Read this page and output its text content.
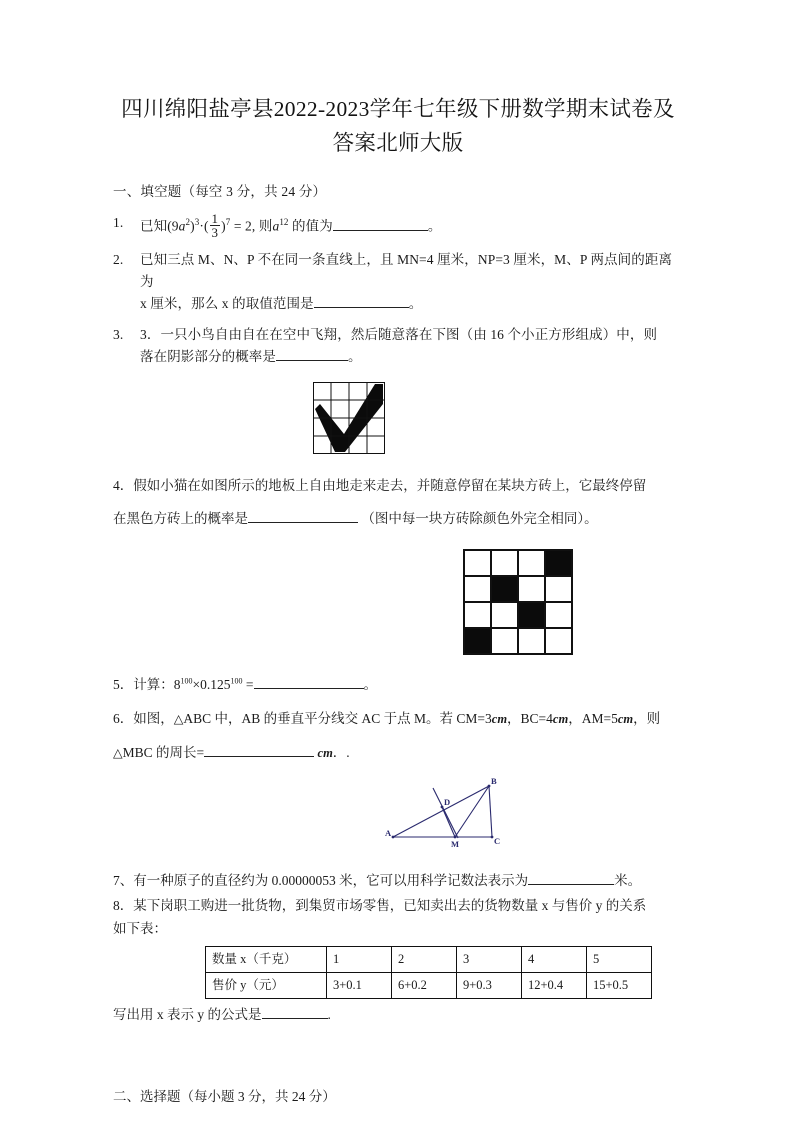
四川绵阳盐亭县2022-2023学年七年级下册数学期末试卷及
答案北师大版
一、填空题（每空 3 分，共 24 分）
1.	已知$(9a^2)^3\cdot( \frac{1}{3} )^7 = 2$, 则$a^{12}$ 的值为	。
2.	已知三点 M、N、P 不在同一条直线上，且 MN=4 厘米，NP=3 厘米，M、P 两点间的距离为
x 厘米，那么 x 的取值范围是	。
3.	3．一只小鸟自由自在在空中飞翔，然后随意落在下图（由 16 个小正方形组成）中，则
落在阴影部分的概率是	。
4．假如小猫在如图所示的地板上自由地走来走去，并随意停留在某块方砖上，它最终停留
在黑色方砖上的概率是	（图中每一块方砖除颜色外完全相同）。
5．计算：$8^{100}\times 0.125^{100}$ =	。
6．如图，△ABC 中，AB 的垂直平分线交 AC 于点 M。若 CM=3cm，BC=4cm，AM=5cm，则
△MBC 的周长=	cm．.
A
B
C
M
D
7、有一种原子的直径约为 0.00000053 米，它可以用科学记数法表示为	米。
8．某下岗职工购进一批货物，到集贸市场零售，已知卖出去的货物数量 x 与售价 y 的关系
如下表：
数量 x（千克）	1	2	3	4	5
售价 y（元）	3+0.1	6+0.2	9+0.3	12+0.4	15+0.5
写出用 x 表示 y 的公式是	.
二、选择题（每小题 3 分，共 24 分）
